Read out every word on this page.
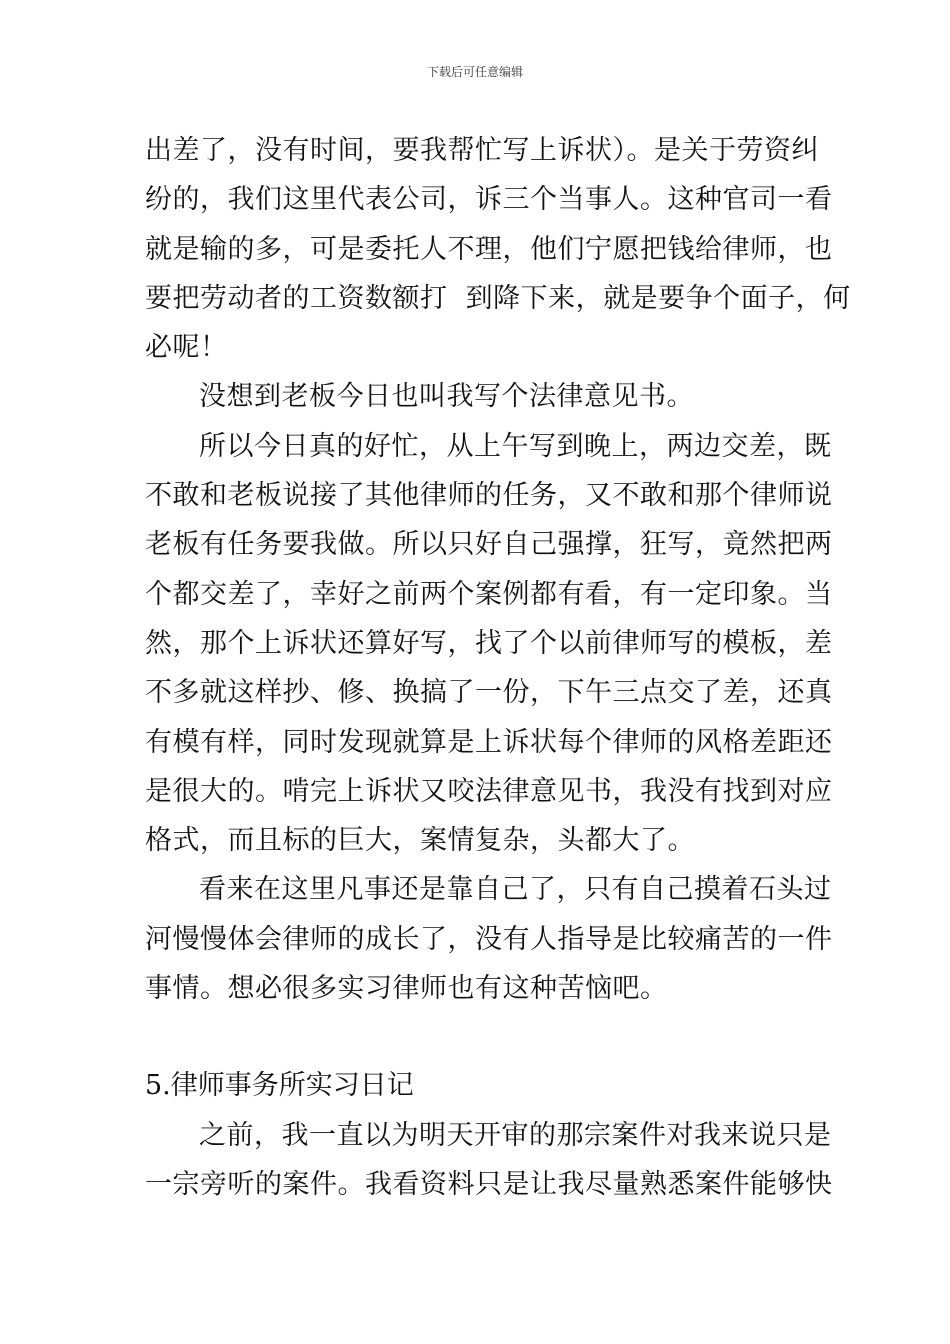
下载后可任意编辑
出差了，没有时间，要我帮忙写上诉状）。是关于劳资纠
纷的，我们这里代表公司，诉三个当事人。这种官司一看
就是输的多，可是委托人不理，他们宁愿把钱给律师，也
要把劳动者的工资数额打  到降下来，就是要争个面子，何
必呢！
没想到老板今日也叫我写个法律意见书。
所以今日真的好忙，从上午写到晚上，两边交差，既
不敢和老板说接了其他律师的任务，又不敢和那个律师说
老板有任务要我做。所以只好自己强撑，狂写，竟然把两
个都交差了，幸好之前两个案例都有看，有一定印象。当
然，那个上诉状还算好写，找了个以前律师写的模板，差
不多就这样抄、修、换搞了一份，下午三点交了差，还真
有模有样，同时发现就算是上诉状每个律师的风格差距还
是很大的。啃完上诉状又咬法律意见书，我没有找到对应
格式，而且标的巨大，案情复杂，头都大了。
看来在这里凡事还是靠自己了，只有自己摸着石头过
河慢慢体会律师的成长了，没有人指导是比较痛苦的一件
事情。想必很多实习律师也有这种苦恼吧。
5.律师事务所实习日记
之前，我一直以为明天开审的那宗案件对我来说只是
一宗旁听的案件。我看资料只是让我尽量熟悉案件能够快
